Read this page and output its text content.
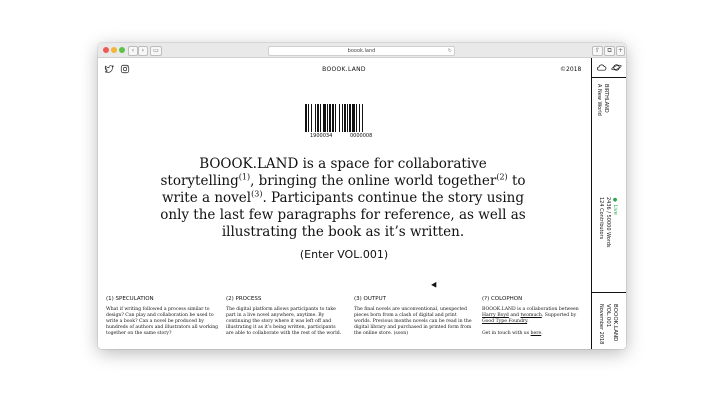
‹	›	▭	boook.land	↻	⇧	⧉	+
BOOOK.LAND	©2018
1900034	0000008
BOOOK.LAND is a space for collaborative storytelling$^{(1)}$, bringing the online world together$^{(2)}$ to write a novel$^{(3)}$. Participants continue the story using only the last few paragraphs for reference, as well as illustrating the book as it’s written.
(Enter VOL.001)
(1) SPECULATION
What if writing followed a process similar to design? Can play and collaboration be used to write a book? Can a novel be produced by hundreds of authors and illustrators all working together on the same story?
(2) PROCESS
The digital platform allows participants to take part in a live novel anywhere, anytime. By continuing the story where it was left off and illustrating it as it’s being written, participants are able to collaborate with the rest of the world.
(3) OUTPUT
The final novels are unconventional, unexpected pieces born from a clash of digital and print worlds. Previous months novels can be read in the digital library and purchased in printed form from the online store. (soon)
(?) COLOPHON
BOOOK.LAND is a collaboration between Harry Boyd and twomuch. Supported by Good Type Foundry.
Get in touch with us here.
BIRTHLAND
A New World
● Live
2436 / 50000 Words
124 Contributors
BOOOK.LAND
VOL.001
November 2018
